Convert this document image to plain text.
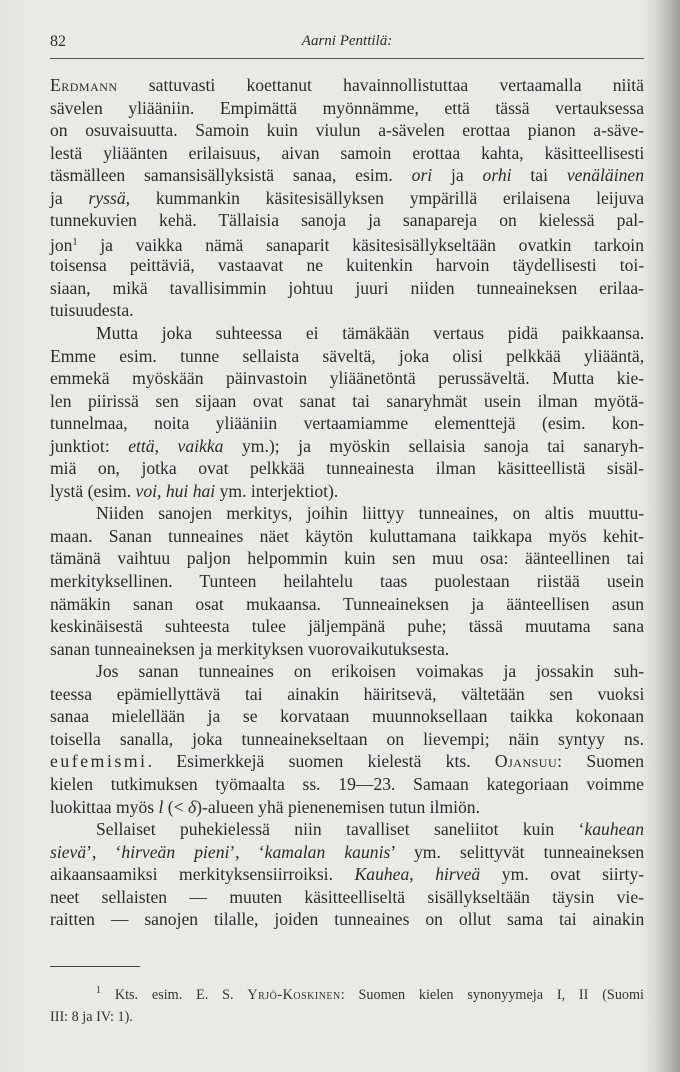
82	Aarni Penttilä:
Erdmann sattuvasti koettanut havainnollistuttaa vertaamalla niitä
sävelen yliääniin. Empimättä myönnämme, että tässä vertauksessa
on osuvaisuutta. Samoin kuin viulun a-sävelen erottaa pianon a-säve-
lestä yliäänten erilaisuus, aivan samoin erottaa kahta, käsitteellisesti
täsmälleen samansisällyksistä sanaa, esim. ori ja orhi tai venäläinen
ja ryssä, kummankin käsitesisällyksen ympärillä erilaisena leijuva
tunnekuvien kehä. Tällaisia sanoja ja sanapareja on kielessä pal-
jon$^1$ ja vaikka nämä sanaparit käsitesisällykseltään ovatkin tarkoin
toisensa peittäviä, vastaavat ne kuitenkin harvoin täydellisesti toi-
siaan, mikä tavallisimmin johtuu juuri niiden tunneaineksen erilaa-
tuisuudesta.
Mutta joka suhteessa ei tämäkään vertaus pidä paikkaansa.
Emme esim. tunne sellaista säveltä, joka olisi pelkkää yliääntä,
emmekä myöskään päinvastoin yliäänetöntä perussäveltä. Mutta kie-
len piirissä sen sijaan ovat sanat tai sanaryhmät usein ilman myötä-
tunnelmaa, noita yliääniin vertaamiamme elementtejä (esim. kon-
junktiot: että, vaikka ym.); ja myöskin sellaisia sanoja tai sanaryh-
miä on, jotka ovat pelkkää tunneainesta ilman käsitteellistä sisäl-
lystä (esim. voi, hui hai ym. interjektiot).
Niiden sanojen merkitys, joihin liittyy tunneaines, on altis muuttu-
maan. Sanan tunneaines näet käytön kuluttamana taikkapa myös kehit-
tämänä vaihtuu paljon helpommin kuin sen muu osa: äänteellinen tai
merkityksellinen. Tunteen heilahtelu taas puolestaan riistää usein
nämäkin sanan osat mukaansa. Tunneaineksen ja äänteellisen asun
keskinäisestä suhteesta tulee jäljempänä puhe; tässä muutama sana
sanan tunneaineksen ja merkityksen vuorovaikutuksesta.
Jos sanan tunneaines on erikoisen voimakas ja jossakin suh-
teessa epämiellyttävä tai ainakin häiritsevä, vältetään sen vuoksi
sanaa mielellään ja se korvataan muunnoksellaan taikka kokonaan
toisella sanalla, joka tunneainekseltaan on lievempi; näin syntyy ns.
eufemismi. Esimerkkejä suomen kielestä kts. Ojansuu: Suomen
kielen tutkimuksen työmaalta ss. 19—23. Samaan kategoriaan voimme
luokittaa myös l (< δ)-alueen yhä pienenemisen tutun ilmiön.
Sellaiset puhekielessä niin tavalliset saneliitot kuin ‘kauhean
sievä’, ‘hirveän pieni’, ‘kamalan kaunis’ ym. selittyvät tunneaineksen
aikaansaamiksi merkityksensiirroiksi. Kauhea, hirveä ym. ovat siirty-
neet sellaisten — muuten käsitteelliseltä sisällykseltään täysin vie-
raitten — sanojen tilalle, joiden tunneaines on ollut sama tai ainakin
$^1$ Kts. esim. E. S. Yrjö-Koskinen: Suomen kielen synonyymeja I, II (Suomi
III: 8 ja IV: 1).
